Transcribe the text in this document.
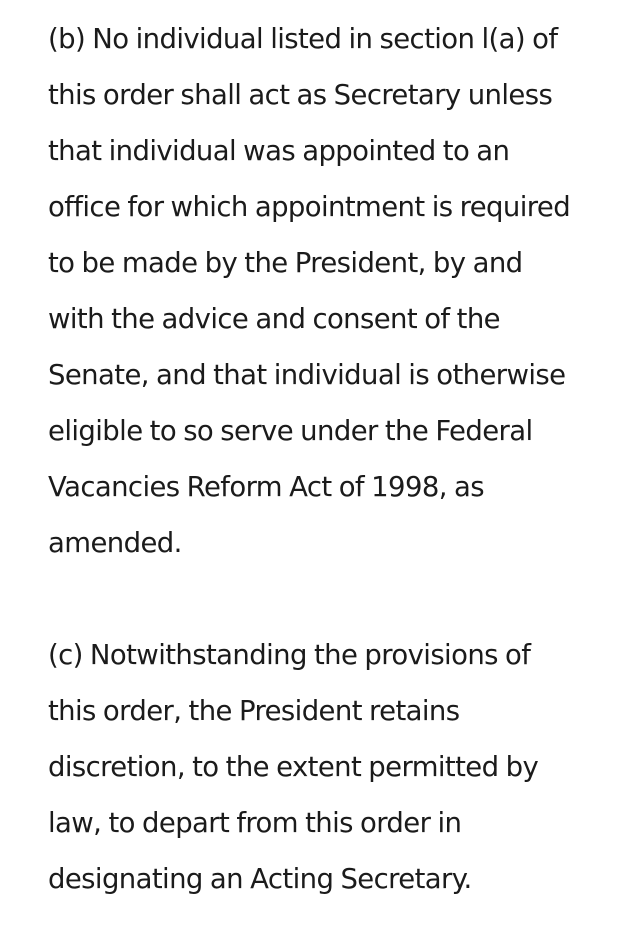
(b) No individual listed in section l(a) of
this order shall act as Secretary unless
that individual was appointed to an
office for which appointment is required
to be made by the President, by and
with the advice and consent of the
Senate, and that individual is otherwise
eligible to so serve under the Federal
Vacancies Reform Act of 1998, as
amended.

(c) Notwithstanding the provisions of
this order, the President retains
discretion, to the extent permitted by
law, to depart from this order in
designating an Acting Secretary.
